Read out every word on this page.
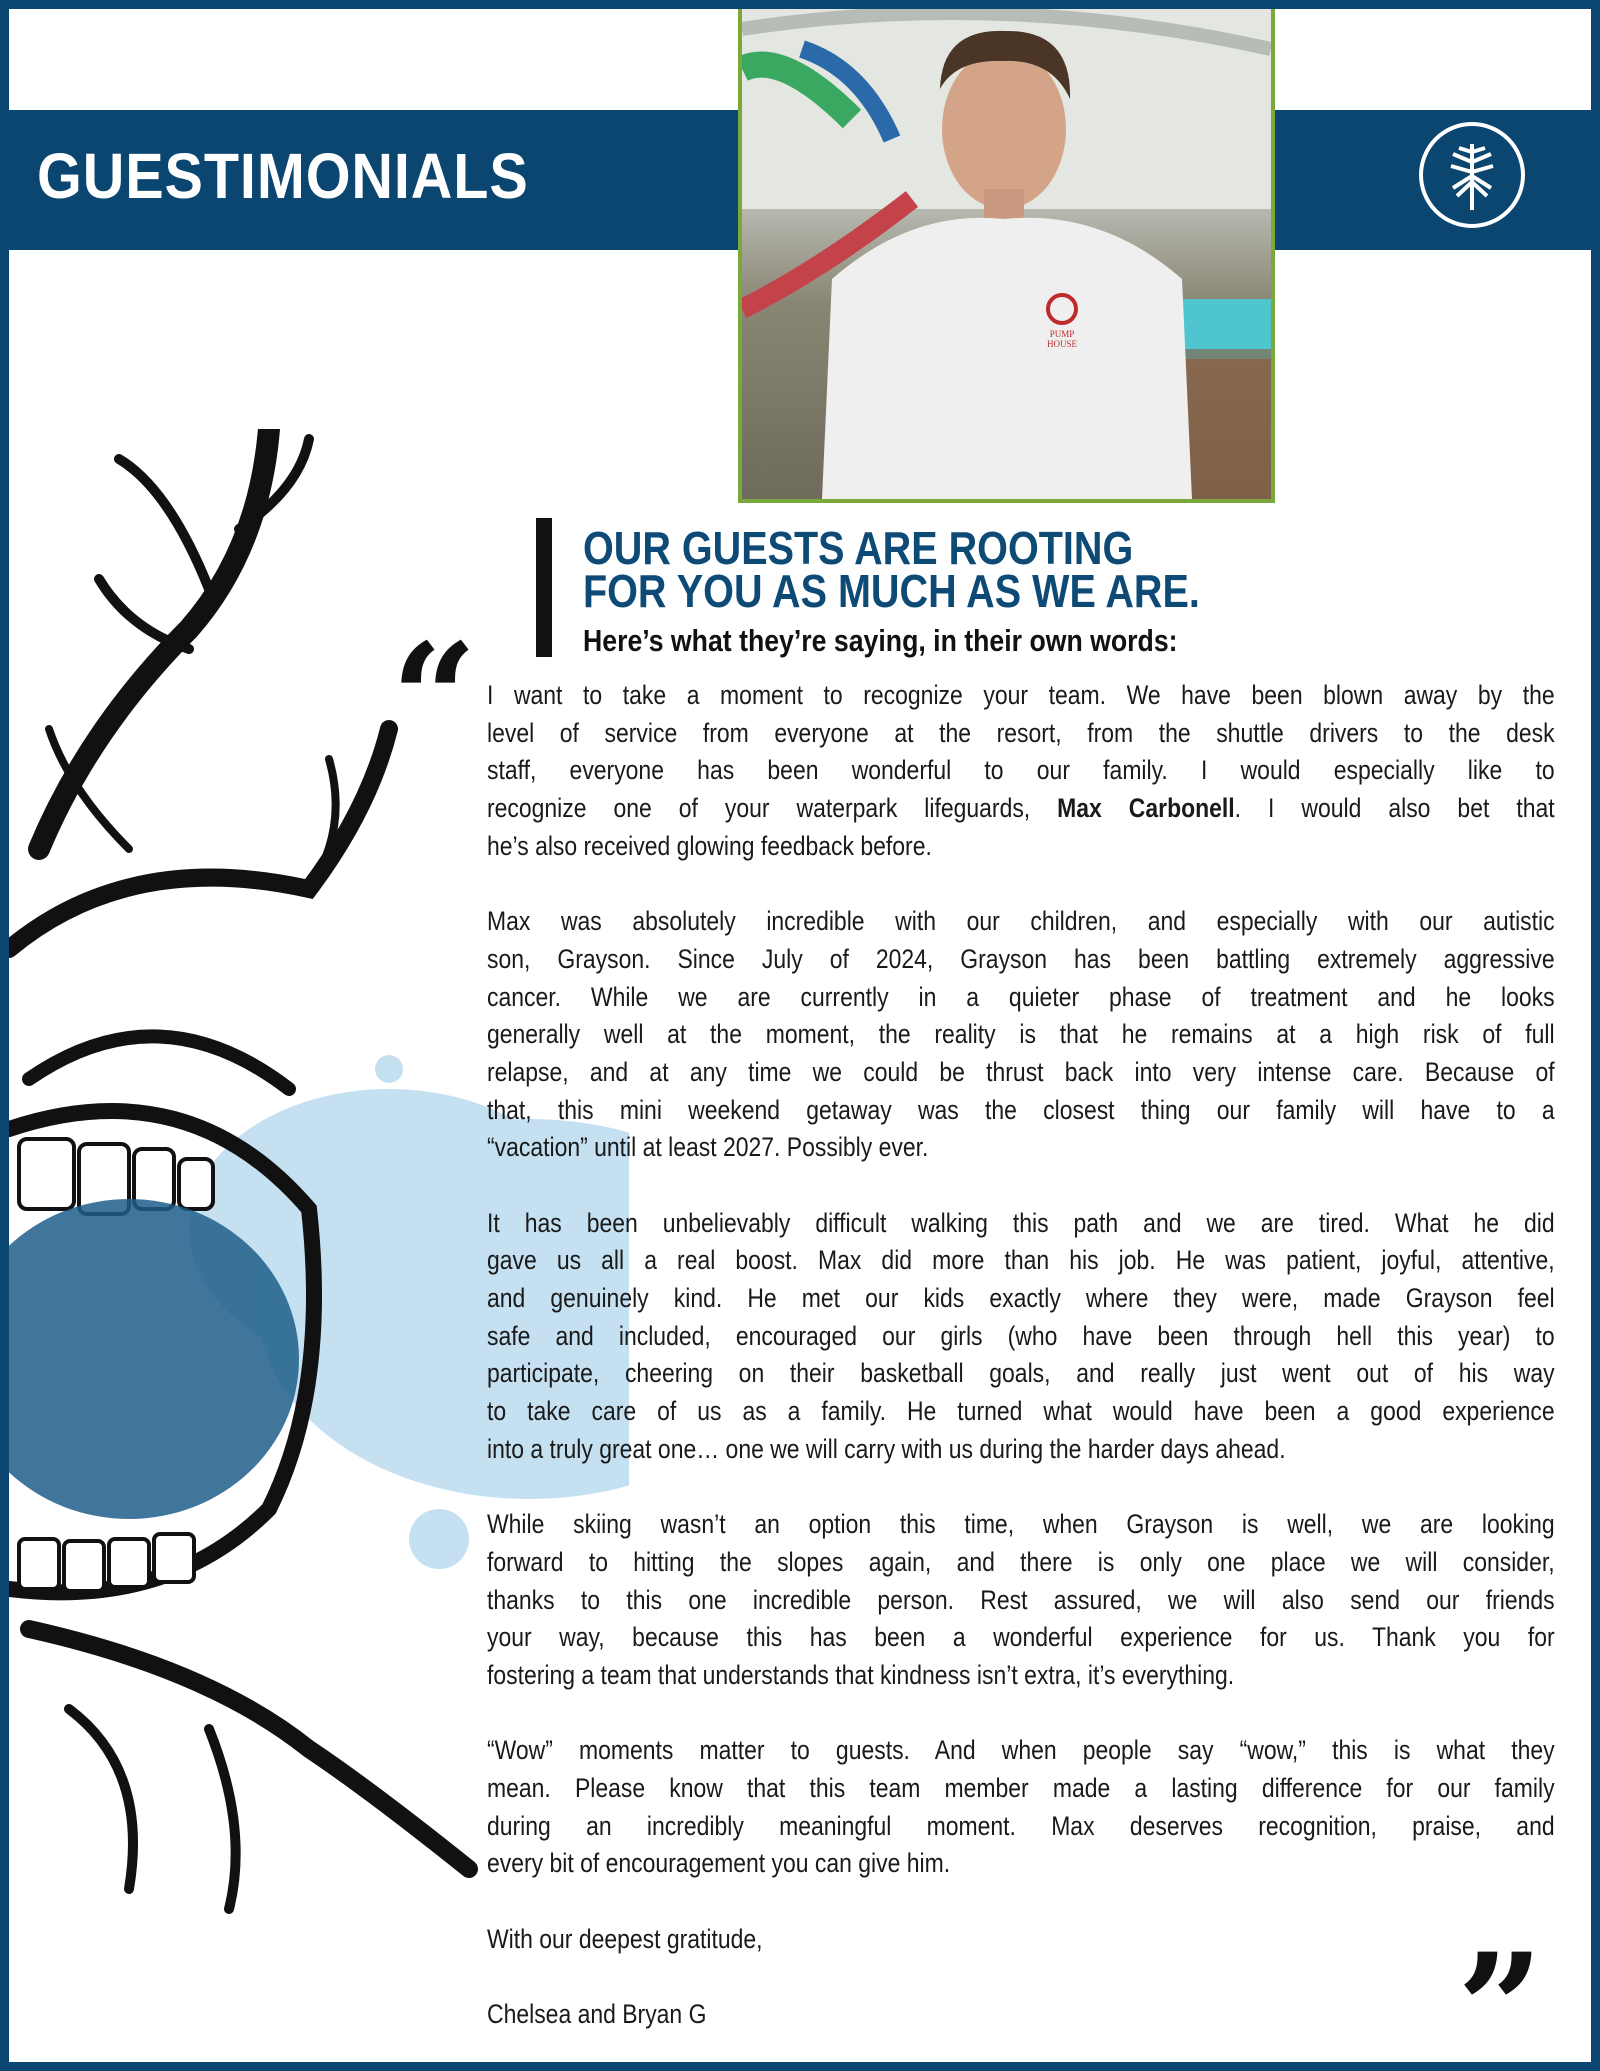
GUESTIMONIALS
PUMP HOUSE
OUR GUESTS ARE ROOTING
FOR YOU AS MUCH AS WE ARE.
Here’s what they’re saying, in their own words:
“
”
I want to take a moment to recognize your team. We have been blown away by the
level of service from everyone at the resort, from the shuttle drivers to the desk
staff, everyone has been wonderful to our family. I would especially like to
recognize one of your waterpark lifeguards, Max Carbonell. I would also bet that
he’s also received glowing feedback before.
Max was absolutely incredible with our children, and especially with our autistic
son, Grayson. Since July of 2024, Grayson has been battling extremely aggressive
cancer. While we are currently in a quieter phase of treatment and he looks
generally well at the moment, the reality is that he remains at a high risk of full
relapse, and at any time we could be thrust back into very intense care. Because of
that, this mini weekend getaway was the closest thing our family will have to a
“vacation” until at least 2027. Possibly ever.
It has been unbelievably difficult walking this path and we are tired. What he did
gave us all a real boost. Max did more than his job. He was patient, joyful, attentive,
and genuinely kind. He met our kids exactly where they were, made Grayson feel
safe and included, encouraged our girls (who have been through hell this year) to
participate, cheering on their basketball goals, and really just went out of his way
to take care of us as a family. He turned what would have been a good experience
into a truly great one… one we will carry with us during the harder days ahead.
While skiing wasn’t an option this time, when Grayson is well, we are looking
forward to hitting the slopes again, and there is only one place we will consider,
thanks to this one incredible person. Rest assured, we will also send our friends
your way, because this has been a wonderful experience for us. Thank you for
fostering a team that understands that kindness isn’t extra, it’s everything.
“Wow” moments matter to guests. And when people say “wow,” this is what they
mean. Please know that this team member made a lasting difference for our family
during an incredibly meaningful moment. Max deserves recognition, praise, and
every bit of encouragement you can give him.
With our deepest gratitude,
Chelsea and Bryan G
